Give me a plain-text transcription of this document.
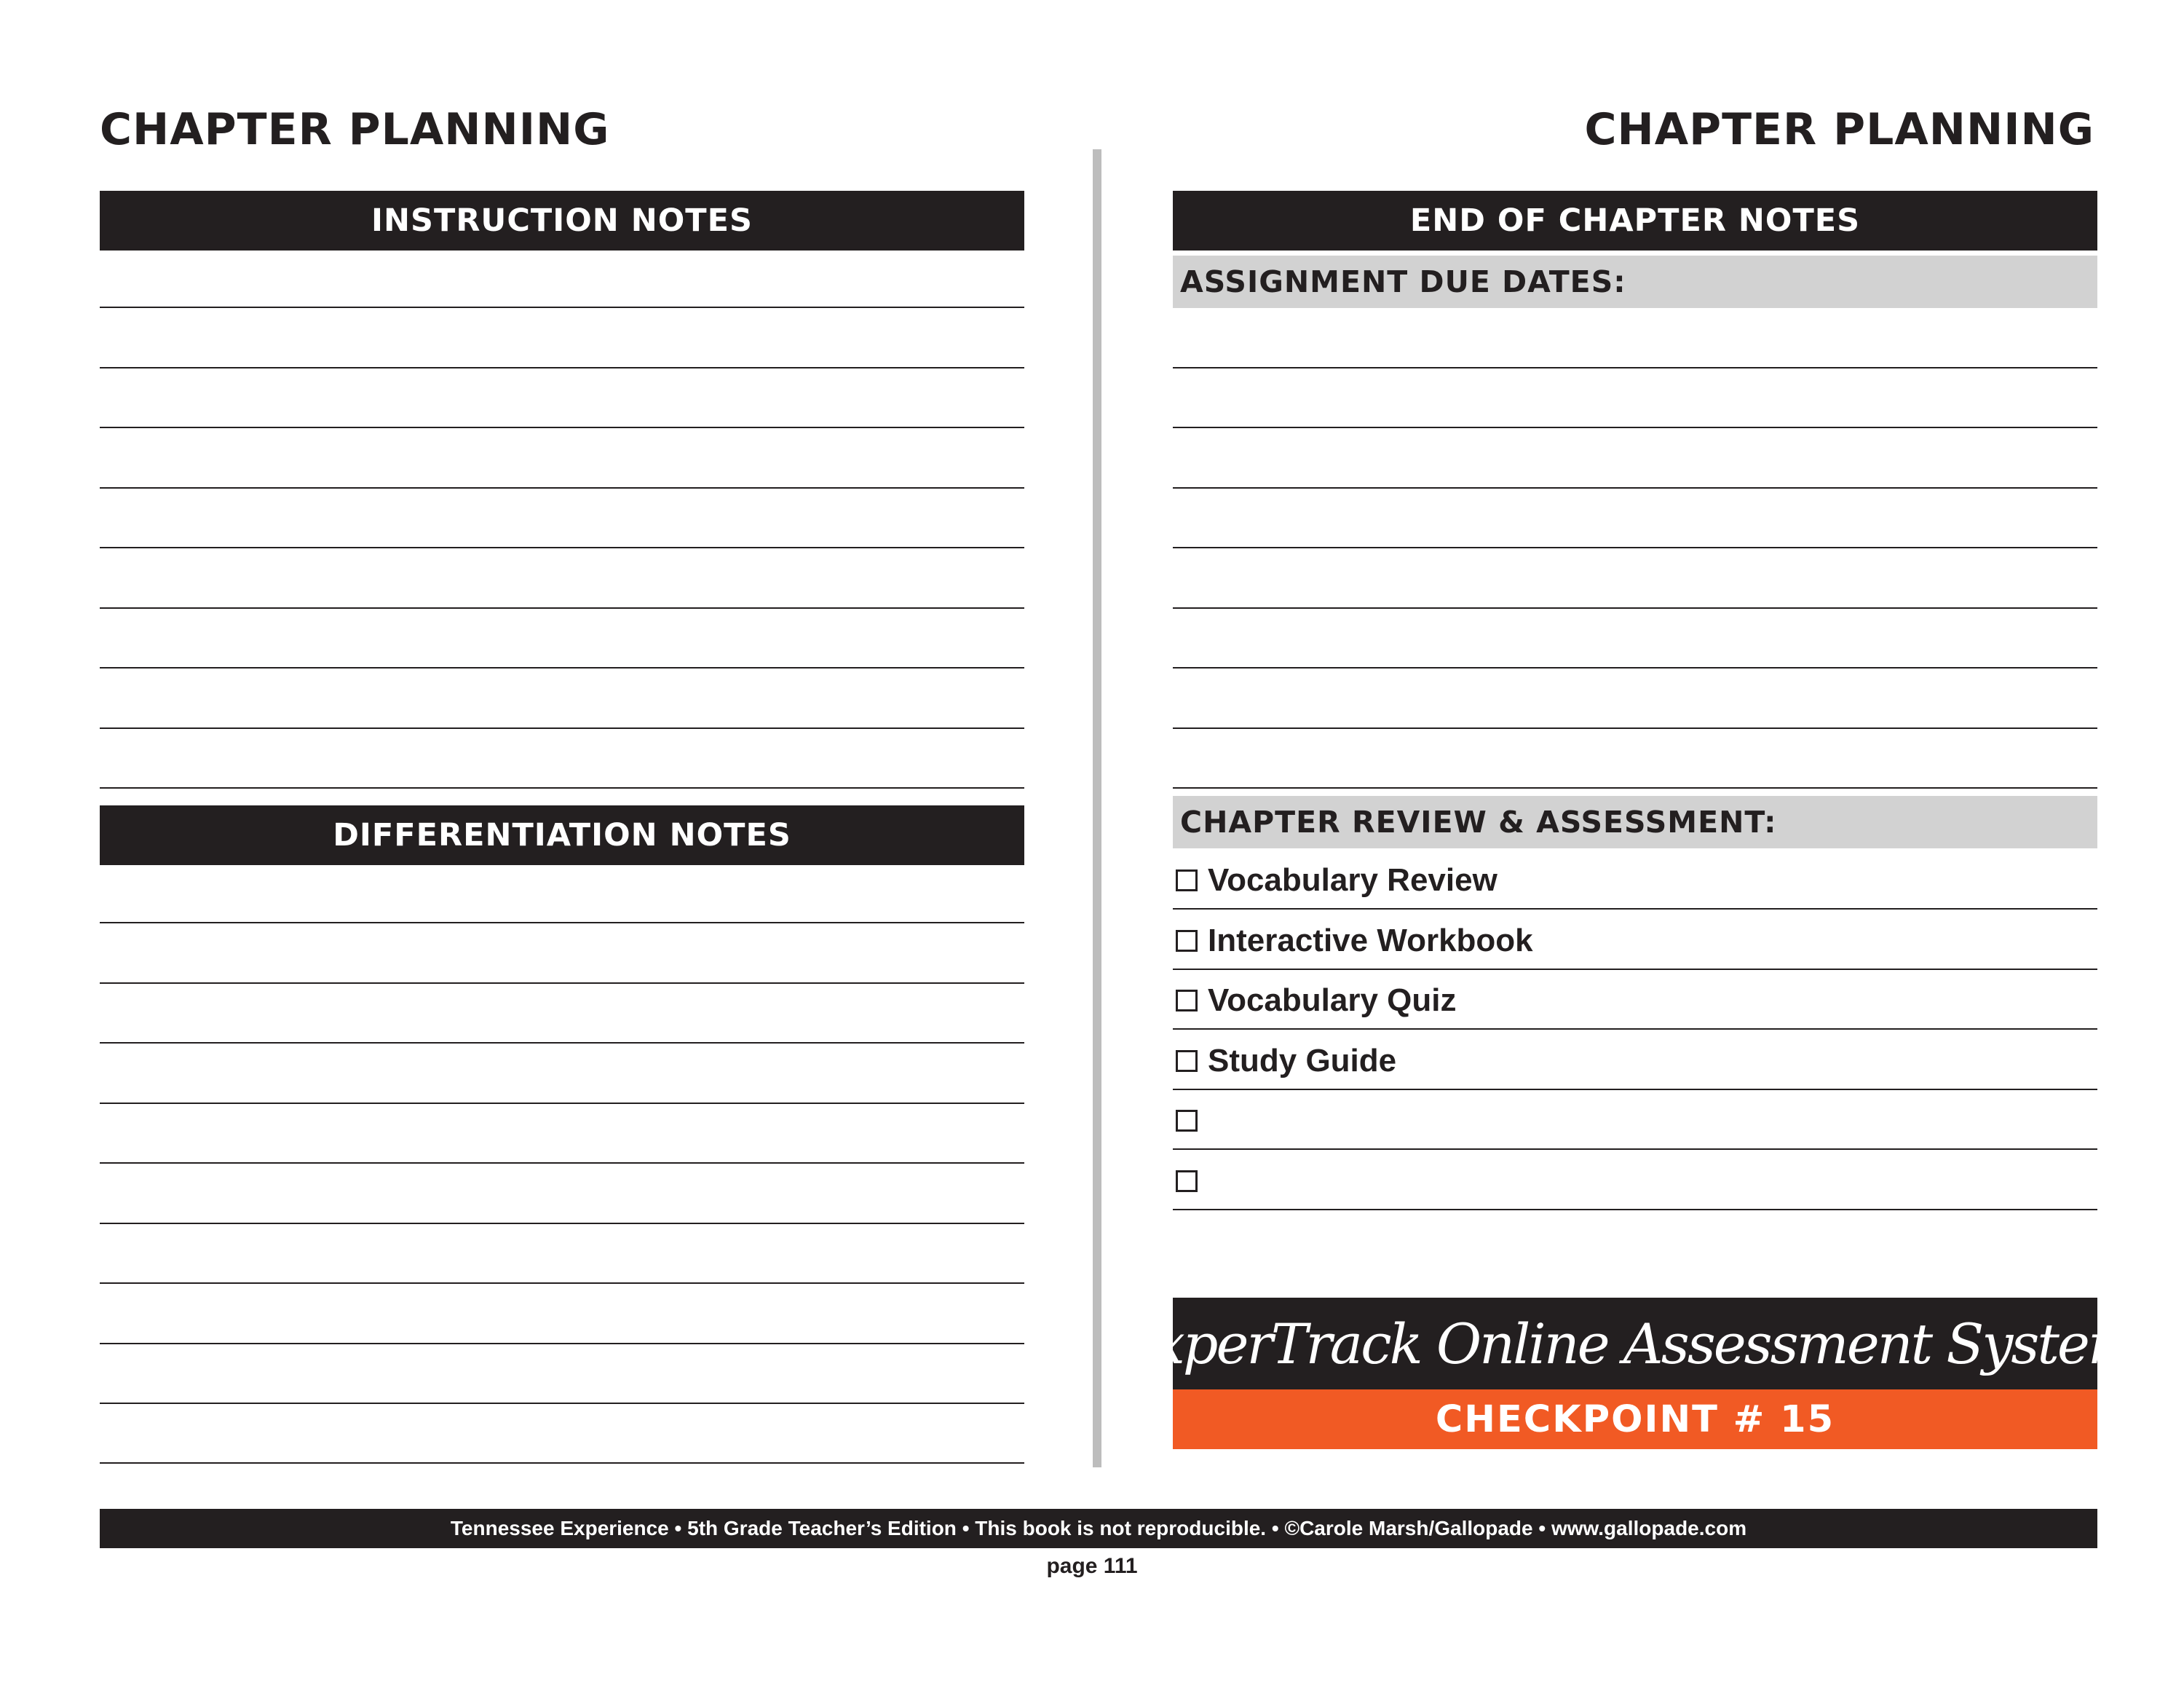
CHAPTER PLANNING	CHAPTER PLANNING
INSTRUCTION NOTES
DIFFERENTIATION NOTES
END OF CHAPTER NOTES
ASSIGNMENT DUE DATES:
CHAPTER REVIEW & ASSESSMENT:
Vocabulary Review
Interactive Workbook
Vocabulary Quiz
Study Guide
ExperTrack Online Assessment System:
CHECKPOINT # 15
Tennessee Experience • 5th Grade Teacher’s Edition • This book is not reproducible. • ©Carole Marsh/Gallopade • www.gallopade.com
page 111
